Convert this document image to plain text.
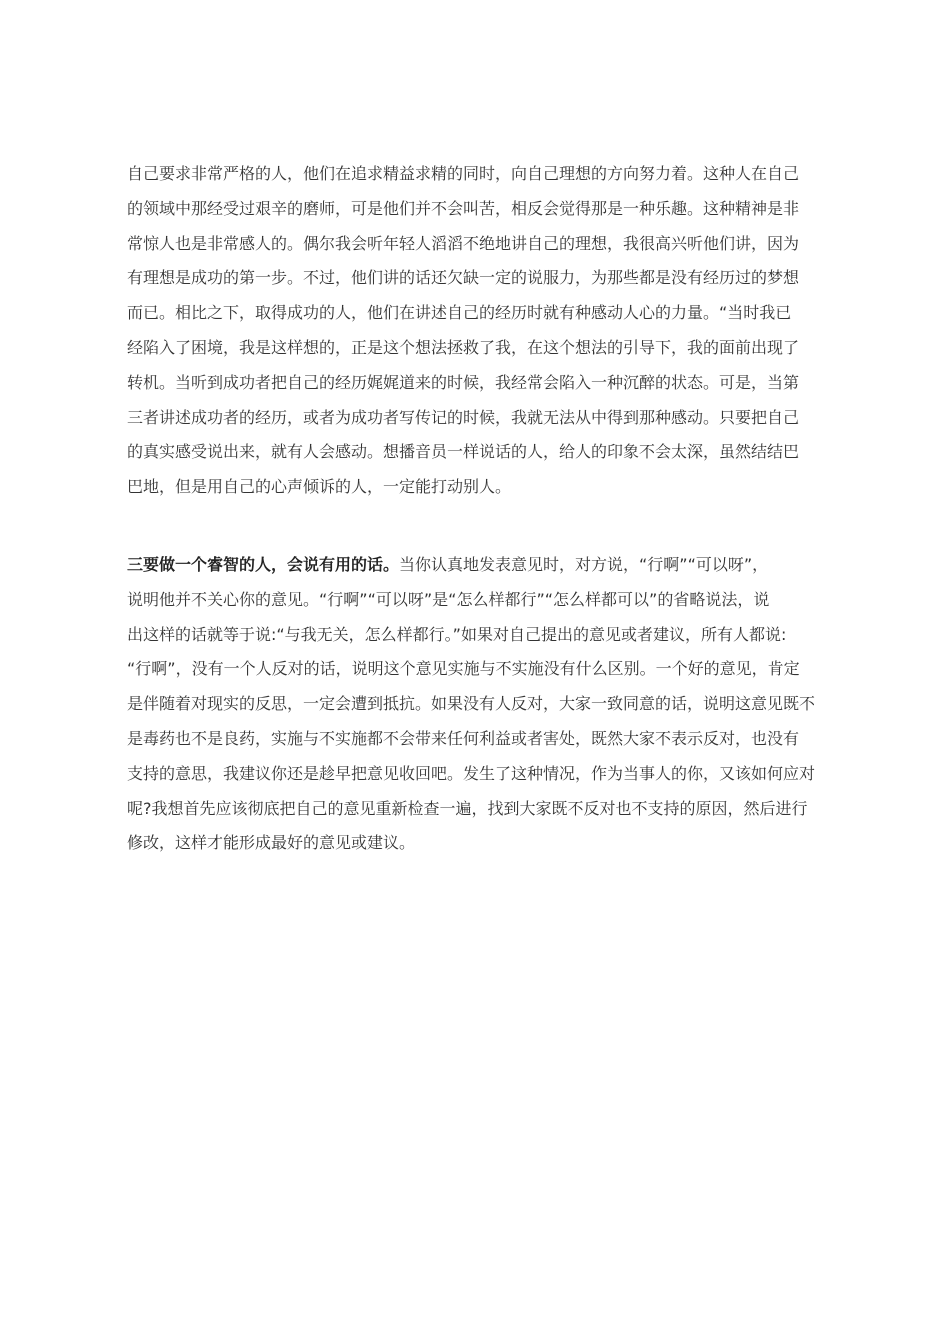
自己要求非常严格的人，他们在追求精益求精的同时，向自己理想的方向努力着。这种人在自己
的领域中那经受过艰辛的磨师，可是他们并不会叫苦，相反会觉得那是一种乐趣。这种精神是非
常惊人也是非常感人的。偶尔我会听年轻人滔滔不绝地讲自己的理想，我很高兴听他们讲，因为
有理想是成功的第一步。不过，他们讲的话还欠缺一定的说服力，为那些都是没有经历过的梦想
而已。相比之下，取得成功的人，他们在讲述自己的经历时就有种感动人心的力量。“当时我已
经陷入了困境，我是这样想的，正是这个想法拯救了我，在这个想法的引导下，我的面前出现了
转机。当听到成功者把自己的经历娓娓道来的时候，我经常会陷入一种沉醉的状态。可是，当第
三者讲述成功者的经历，或者为成功者写传记的时候，我就无法从中得到那种感动。只要把自己
的真实感受说出来，就有人会感动。想播音员一样说话的人，给人的印象不会太深，虽然结结巴
巴地，但是用自己的心声倾诉的人，一定能打动别人。

三要做一个睿智的人，会说有用的话。当你认真地发表意见时，对方说，“行啊”“可以呀”，
说明他并不关心你的意见。“行啊”“可以呀”是“怎么样都行”“怎么样都可以”的省略说法，说
出这样的话就等于说:“与我无关，怎么样都行。”如果对自己提出的意见或者建议，所有人都说:
“行啊”，没有一个人反对的话，说明这个意见实施与不实施没有什么区别。一个好的意见，肯定
是伴随着对现实的反思，一定会遭到抵抗。如果没有人反对，大家一致同意的话，说明这意见既不
是毒药也不是良药，实施与不实施都不会带来任何利益或者害处，既然大家不表示反对，也没有
支持的意思，我建议你还是趁早把意见收回吧。发生了这种情况，作为当事人的你，又该如何应对
呢?我想首先应该彻底把自己的意见重新检查一遍，找到大家既不反对也不支持的原因，然后进行
修改，这样才能形成最好的意见或建议。
